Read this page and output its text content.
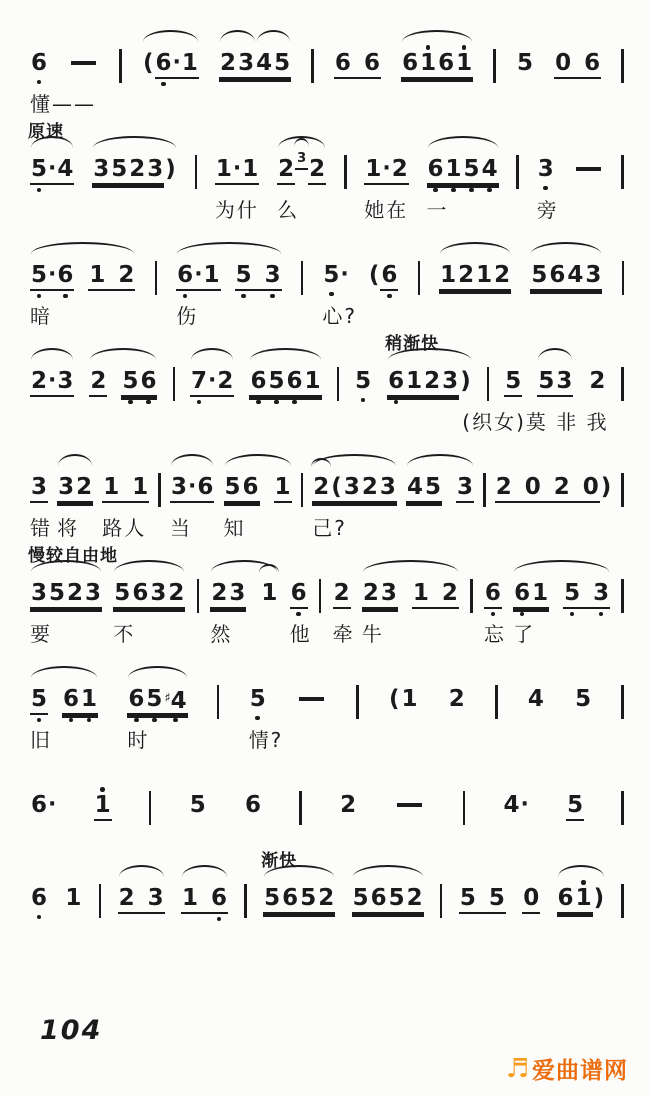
6
懂——
( 6 · 1 2 3 4 5 6
6 6 1 6 1 5 0
6
原速
5 · 4 3 5 2 3 ) 1 · 1
为什
2 3 2
么
1 · 2
她在
6 1 5 4
一
3
旁
5 · 6
暗
1
2 6 · 1
伤
5
3 5 ·
心?
( 6 1 2 1 2 5 6 4 3
2 · 3 2 5 6 7 · 2 6 5 6 1 5
稍渐快
6 1 2 3 ) 5
(织女)莫 非 我
5 3 2
3
错
3 2
将
1
1
路人
3 · 6
当
5 6
知
1 2 ( 3 2 3
己?
4 5 3 2
0
2
0 )
慢较自由地
3 5 2 3
要
5 6 3 2
不
2 3
然
1 6
他
2
牵
2 3
牛
1
2 6
忘
6 1
了
5
3
5
旧
6 1 6 5 ♯4
时
5
情?
( 1 2	4 5
6 · 1	5 6	2	4 · 5
6 1 2
3 1
6
渐快
5 6 5 2 5 6 5 2 5
5 0 6 1 )
104
♬ 爱曲谱网
